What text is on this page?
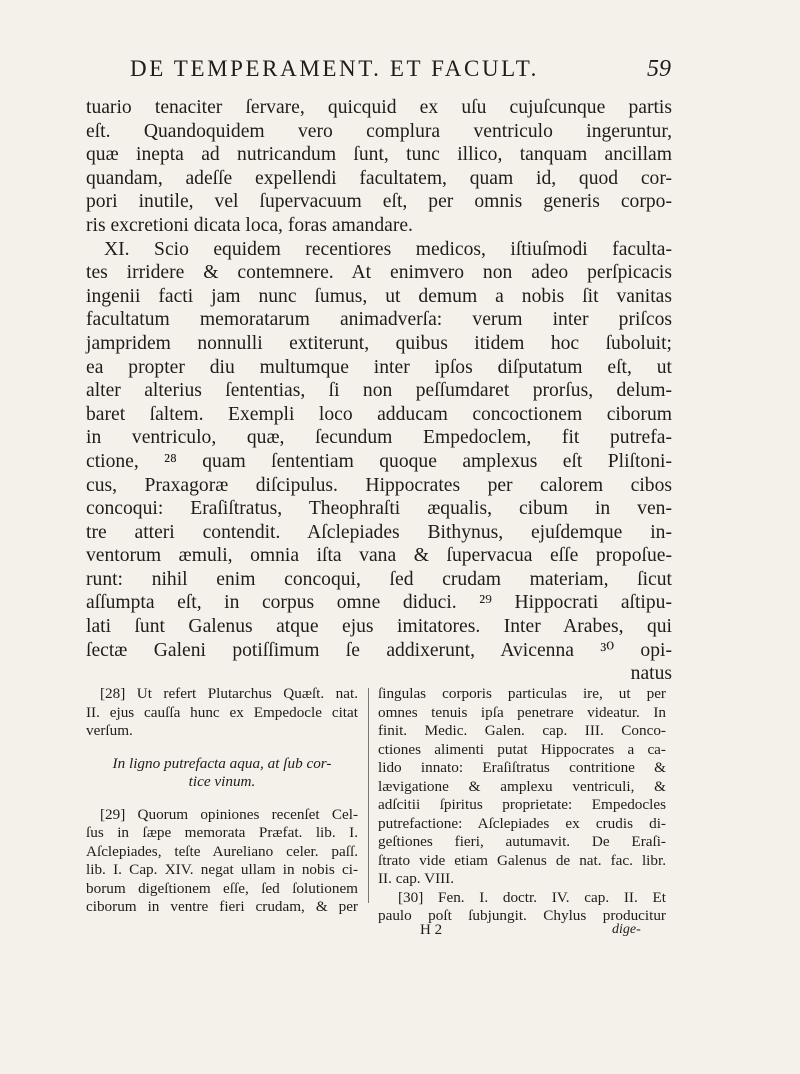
DE TEMPERAMENT. ET FACULT.	59
tuario tenaciter ſervare, quicquid ex uſu cujuſcunque partis
eſt. Quandoquidem vero complura ventriculo ingeruntur,
quæ inepta ad nutricandum ſunt, tunc illico, tanquam ancillam
quandam, adeſſe expellendi facultatem, quam id, quod cor-
pori inutile, vel ſupervacuum eſt, per omnis generis corpo-
ris excretioni dicata loca, foras amandare.
XI. Scio equidem recentiores medicos, iſtiuſmodi faculta-
tes irridere & contemnere. At enimvero non adeo perſpicacis
ingenii facti jam nunc ſumus, ut demum a nobis ſit vanitas
facultatum memoratarum animadverſa: verum inter priſcos
jampridem nonnulli extiterunt, quibus itidem hoc ſuboluit;
ea propter diu multumque inter ipſos diſputatum eſt, ut
alter alterius ſententias, ſi non peſſumdaret prorſus, delum-
baret ſaltem. Exempli loco adducam concoctionem ciborum
in ventriculo, quæ, ſecundum Empedoclem, fit putrefa-
ctione, ²⁸ quam ſententiam quoque amplexus eſt Pliſtoni-
cus, Praxagoræ diſcipulus. Hippocrates per calorem cibos
concoqui: Eraſiſtratus, Theophraſti æqualis, cibum in ven-
tre atteri contendit. Aſclepiades Bithynus, ejuſdemque in-
ventorum æmuli, omnia iſta vana & ſupervacua eſſe propoſue-
runt: nihil enim concoqui, ſed crudam materiam, ſicut
aſſumpta eſt, in corpus omne diduci. ²⁹ Hippocrati aſtipu-
lati ſunt Galenus atque ejus imitatores. Inter Arabes, qui
ſectæ Galeni potiſſimum ſe addixerunt, Avicenna ³⁰ opi-
natus
[28] Ut refert Plutarchus Quæſt. nat.
II. ejus cauſſa hunc ex Empedocle citat
verſum.
In ligno putrefacta aqua, at ſub cor-
tice vinum.
[29] Quorum opiniones recenſet Cel-
ſus in ſæpe memorata Præfat. lib. I.
Aſclepiades, teſte Aureliano celer. paſſ.
lib. I. Cap. XIV. negat ullam in nobis ci-
borum digeſtionem eſſe, ſed ſolutionem
ciborum in ventre fieri crudam, & per
ſingulas corporis particulas ire, ut per
omnes tenuis ipſa penetrare videatur. In
finit. Medic. Galen. cap. III. Conco-
ctiones alimenti putat Hippocrates a ca-
lido innato: Eraſiſtratus contritione &
lævigatione & amplexu ventriculi, &
adſcitii ſpiritus proprietate: Empedocles
putrefactione: Aſclepiades ex crudis di-
geſtiones fieri, autumavit. De Eraſi-
ſtrato vide etiam Galenus de nat. fac. libr.
II. cap. VIII.
[30] Fen. I. doctr. IV. cap. II. Et
paulo poſt ſubjungit. Chylus producitur
H 2	dige-
